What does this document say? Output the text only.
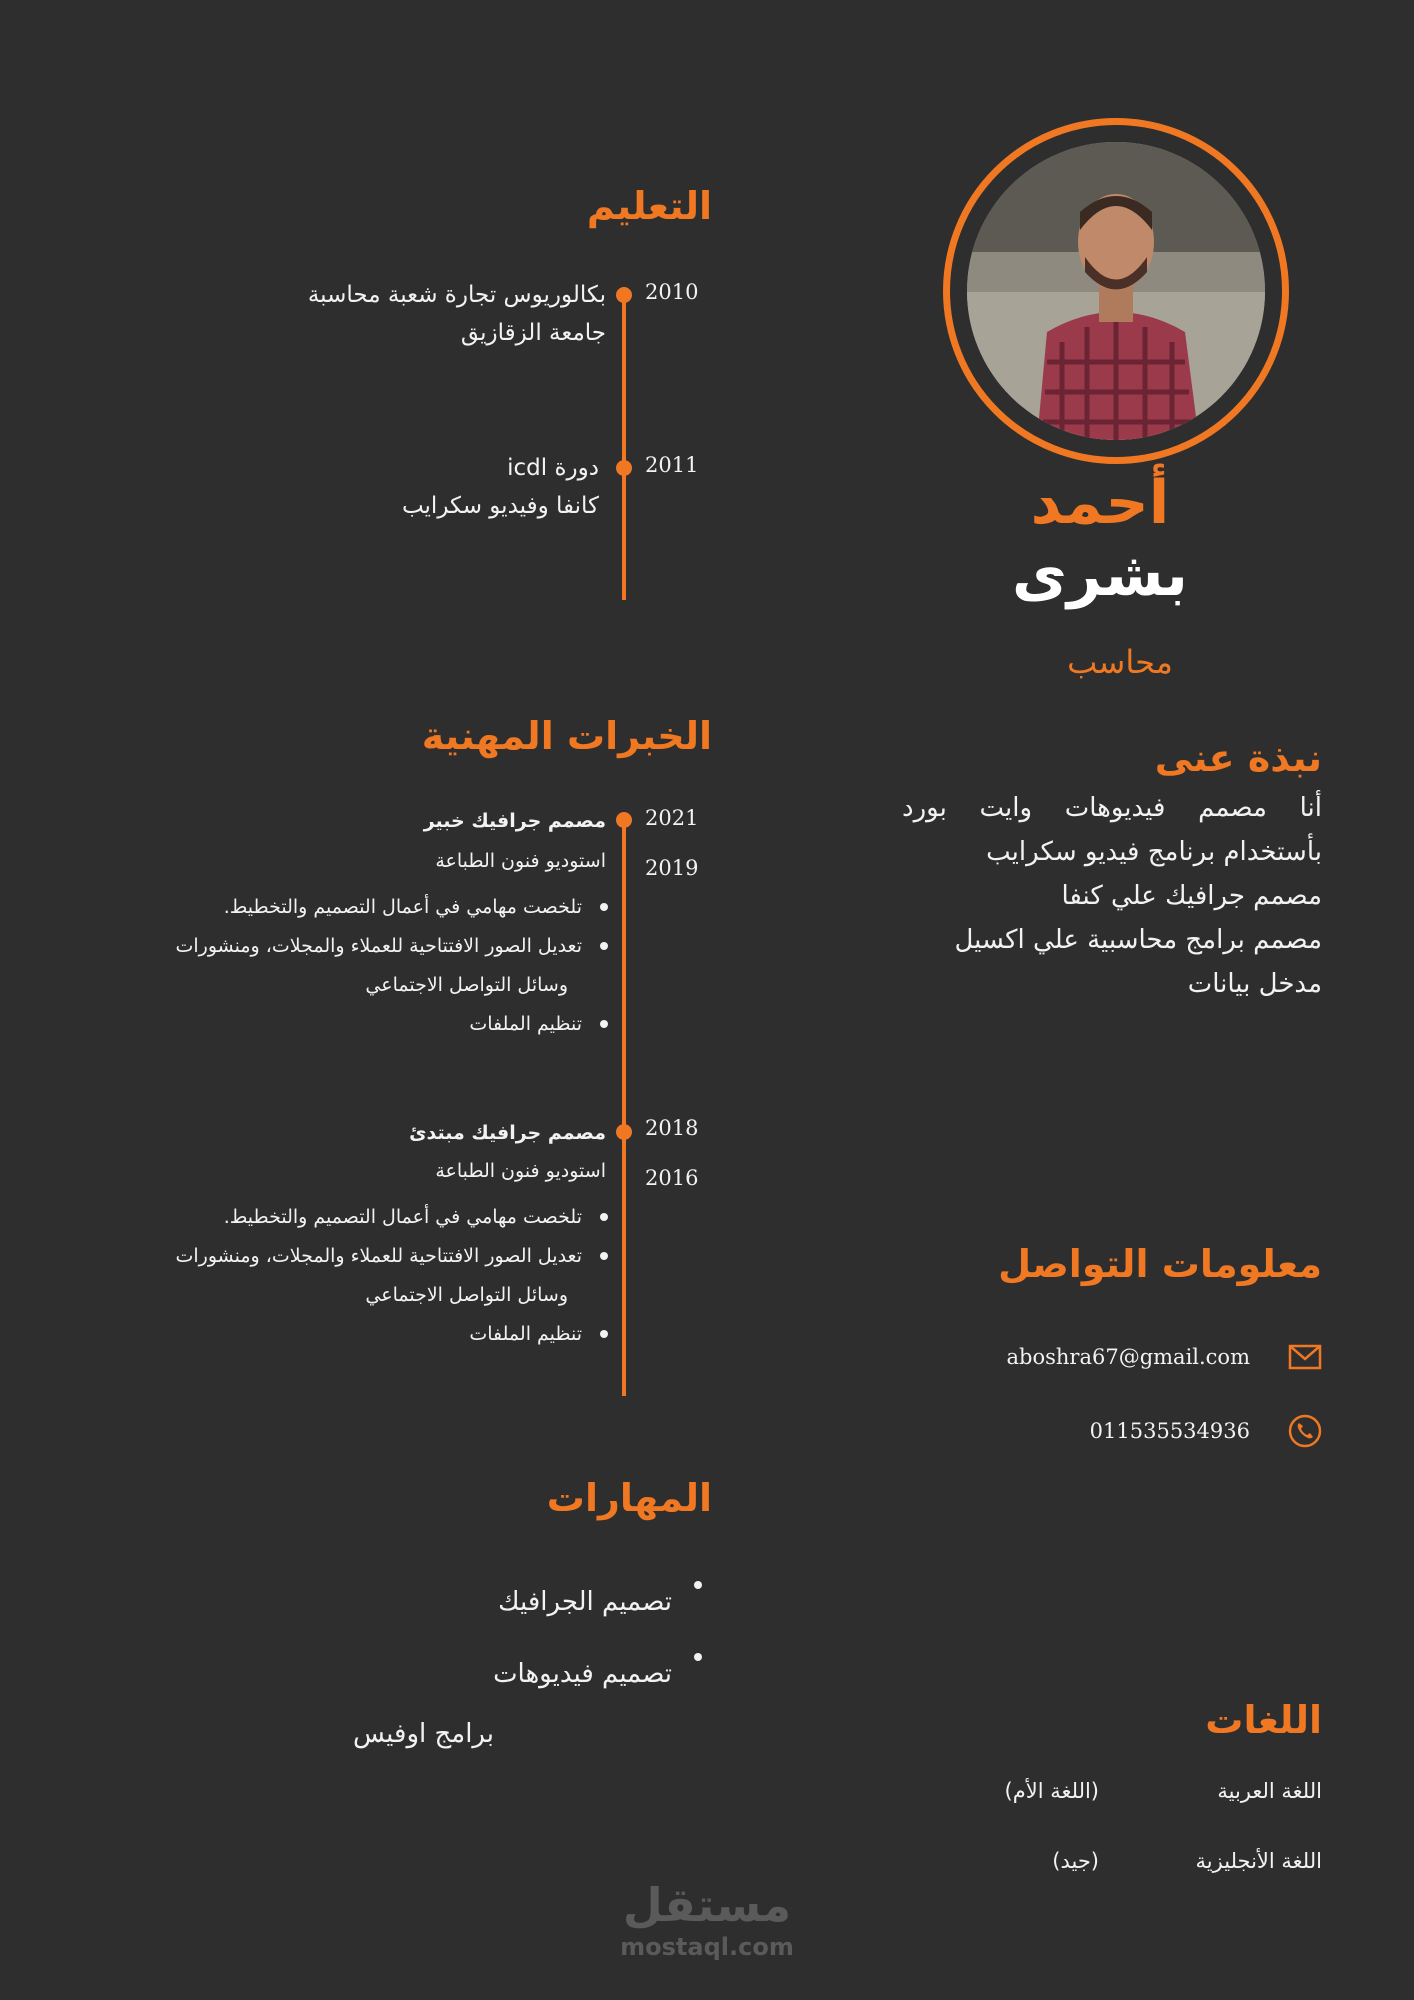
أحمد
بشرى
محاسب
نبذة عنى
أنا مصمم فيديوهات وايت بورد
بأستخدام برنامج فيديو سكرايب
مصمم جرافيك علي كنفا
مصمم برامج محاسبية علي اكسيل
مدخل بيانات
معلومات التواصل
aboshra67@gmail.com
011535534936
اللغات
اللغة العربية
(اللغة الأم)
اللغة الأنجليزية
(جيد)
التعليم
2010
بكالوريوس تجارة شعبة محاسبة
جامعة الزقازيق
2011
دورة icdl
كانفا وفيديو سكرايب
الخبرات المهنية
2021
2019
مصمم جرافيك خبير
استوديو فنون الطباعة
تلخصت مهامي في أعمال التصميم والتخطيط.
تعديل الصور الافتتاحية للعملاء والمجلات، ومنشورات
وسائل التواصل الاجتماعي
تنظيم الملفات
2018
2016
مصمم جرافيك مبتدئ
استوديو فنون الطباعة
تلخصت مهامي في أعمال التصميم والتخطيط.
تعديل الصور الافتتاحية للعملاء والمجلات، ومنشورات
وسائل التواصل الاجتماعي
تنظيم الملفات
المهارات
تصميم الجرافيك
تصميم فيديوهات
برامج اوفيس
مستقل
mostaql.com
